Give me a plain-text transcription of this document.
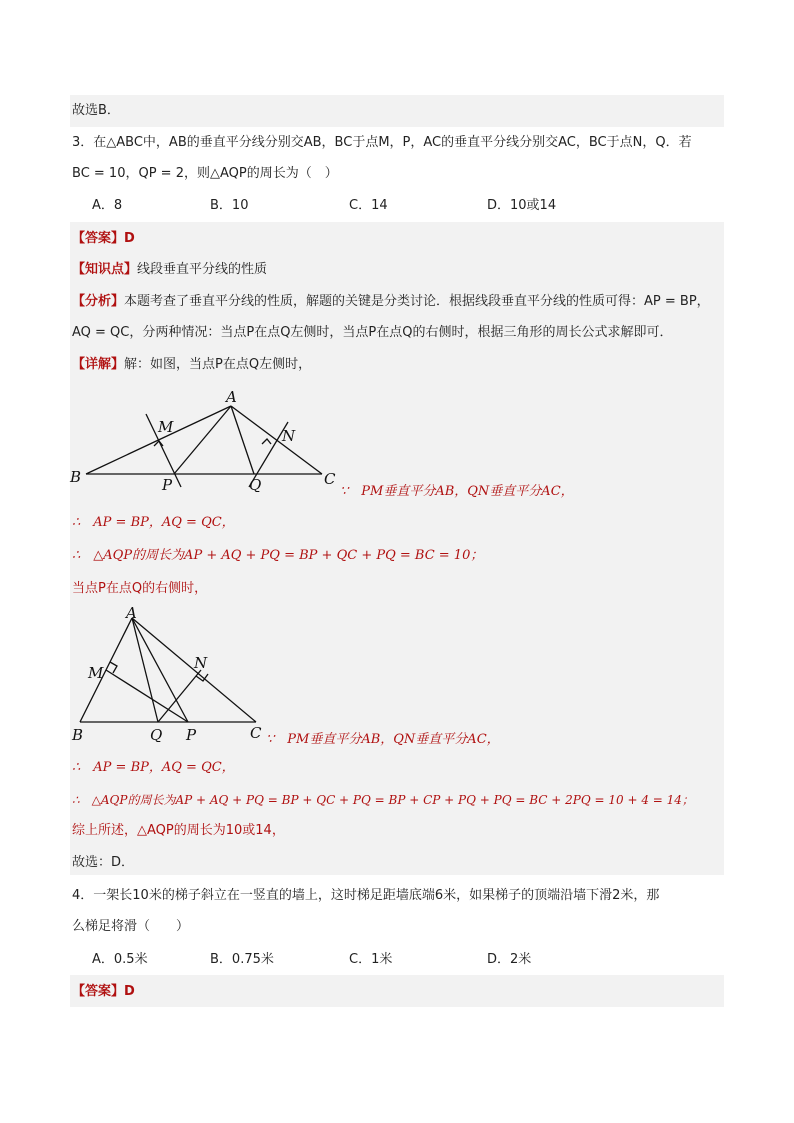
故选B．
3．在△ABC中，AB的垂直平分线分别交AB，BC于点M，P，AC的垂直平分线分别交AC，BC于点N，Q．若
BC = 10，QP = 2，则△AQP的周长为（　）
A．8	B．10	C．14	D．10或14
【答案】D
【知识点】线段垂直平分线的性质
【分析】本题考查了垂直平分线的性质，解题的关键是分类讨论．根据线段垂直平分线的性质可得：AP = BP，
AQ = QC，分两种情况：当点P在点Q左侧时，当点P在点Q的右侧时，根据三角形的周长公式求解即可．
【详解】解：如图，当点P在点Q左侧时，
A
B	C
M	N
P	Q	∵　PM垂直平分AB，QN垂直平分AC，
∴　AP = BP，AQ = QC，
∴　△AQP的周长为AP + AQ + PQ = BP + QC + PQ = BC = 10；
当点P在点Q的右侧时，
A
B	C
M
N
P
Q	∵　PM垂直平分AB，QN垂直平分AC，
∴　AP = BP，AQ = QC，
∴　△AQP的周长为AP + AQ + PQ = BP + QC + PQ = BP + CP + PQ + PQ = BC + 2PQ = 10 + 4 = 14；
综上所述，△AQP的周长为10或14，
故选：D．
4．一架长10米的梯子斜立在一竖直的墙上，这时梯足距墙底端6米，如果梯子的顶端沿墙下滑2米，那
么梯足将滑（　　）
A．0.5米	B．0.75米	C．1米	D．2米
【答案】D
